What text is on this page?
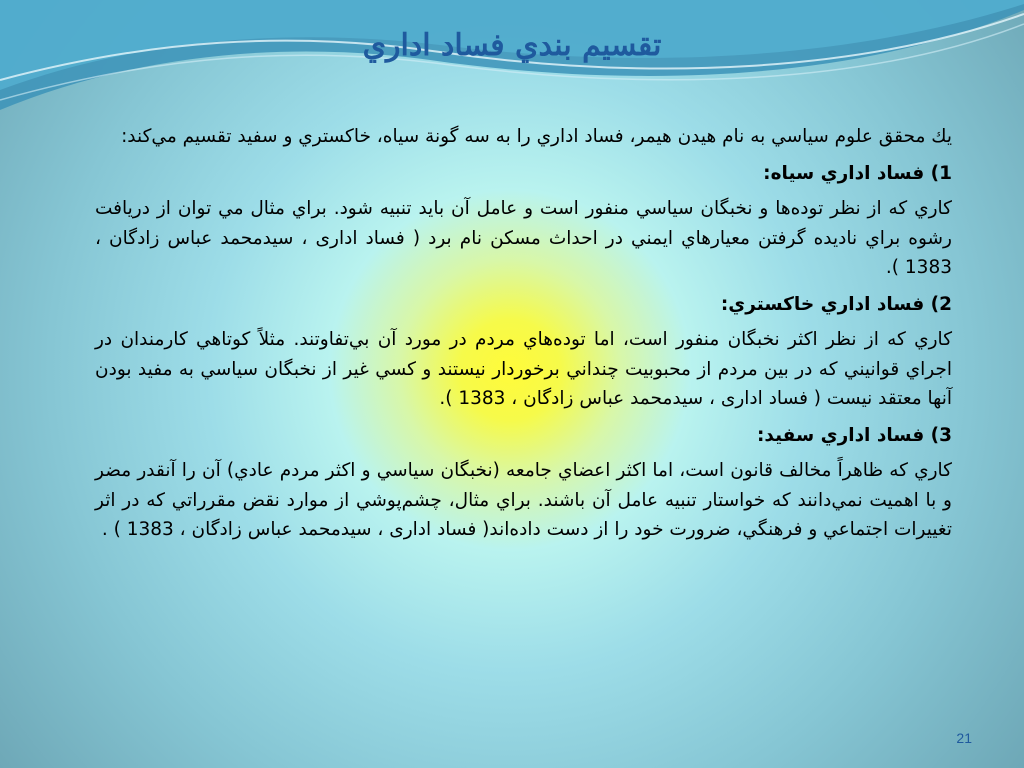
تقسيم بندي فساد اداري

يك محقق علوم سياسي به نام هيدن هيمر، فساد اداري را به سه گونة سياه، خاكستري و سفيد تقسيم مي‌كند:

1) فساد اداري سياه:

كاري كه از نظر توده‌ها و نخبگان سياسي منفور است و عامل آن بايد تنبيه شود. براي مثال مي توان از دريافت رشوه براي ناديده گرفتن معيارهاي ايمني در احداث مسكن نام برد ( فساد اداری ، سيدمحمد عباس زادگان ، 1383 ).

2) فساد اداري خاكستري:

كاري كه از نظر اكثر نخبگان منفور است، اما توده‌هاي مردم در مورد آن بي‌تفاوتند. مثلاً كوتاهي كارمندان در اجراي قوانيني كه در بين مردم از محبوبيت چنداني برخوردار نيستند و كسي غير از نخبگان سياسي به مفيد بودن آنها معتقد نيست ( فساد اداری ، سيدمحمد عباس زادگان ، 1383 ).

3) فساد اداري سفيد:

كاري كه ظاهراً مخالف قانون است، اما اكثر اعضاي جامعه (نخبگان سياسي و اكثر مردم عادي) آن را آنقدر مضر و با اهميت نمي‌دانند كه خواستار تنبيه عامل آن باشند. براي مثال، چشم‌پوشي از موارد نقض مقرراتي كه در اثر تغييرات اجتماعي و فرهنگي، ضرورت خود را از دست داده‌اند( فساد اداری ، سيدمحمد عباس زادگان ، 1383 ) .

21
